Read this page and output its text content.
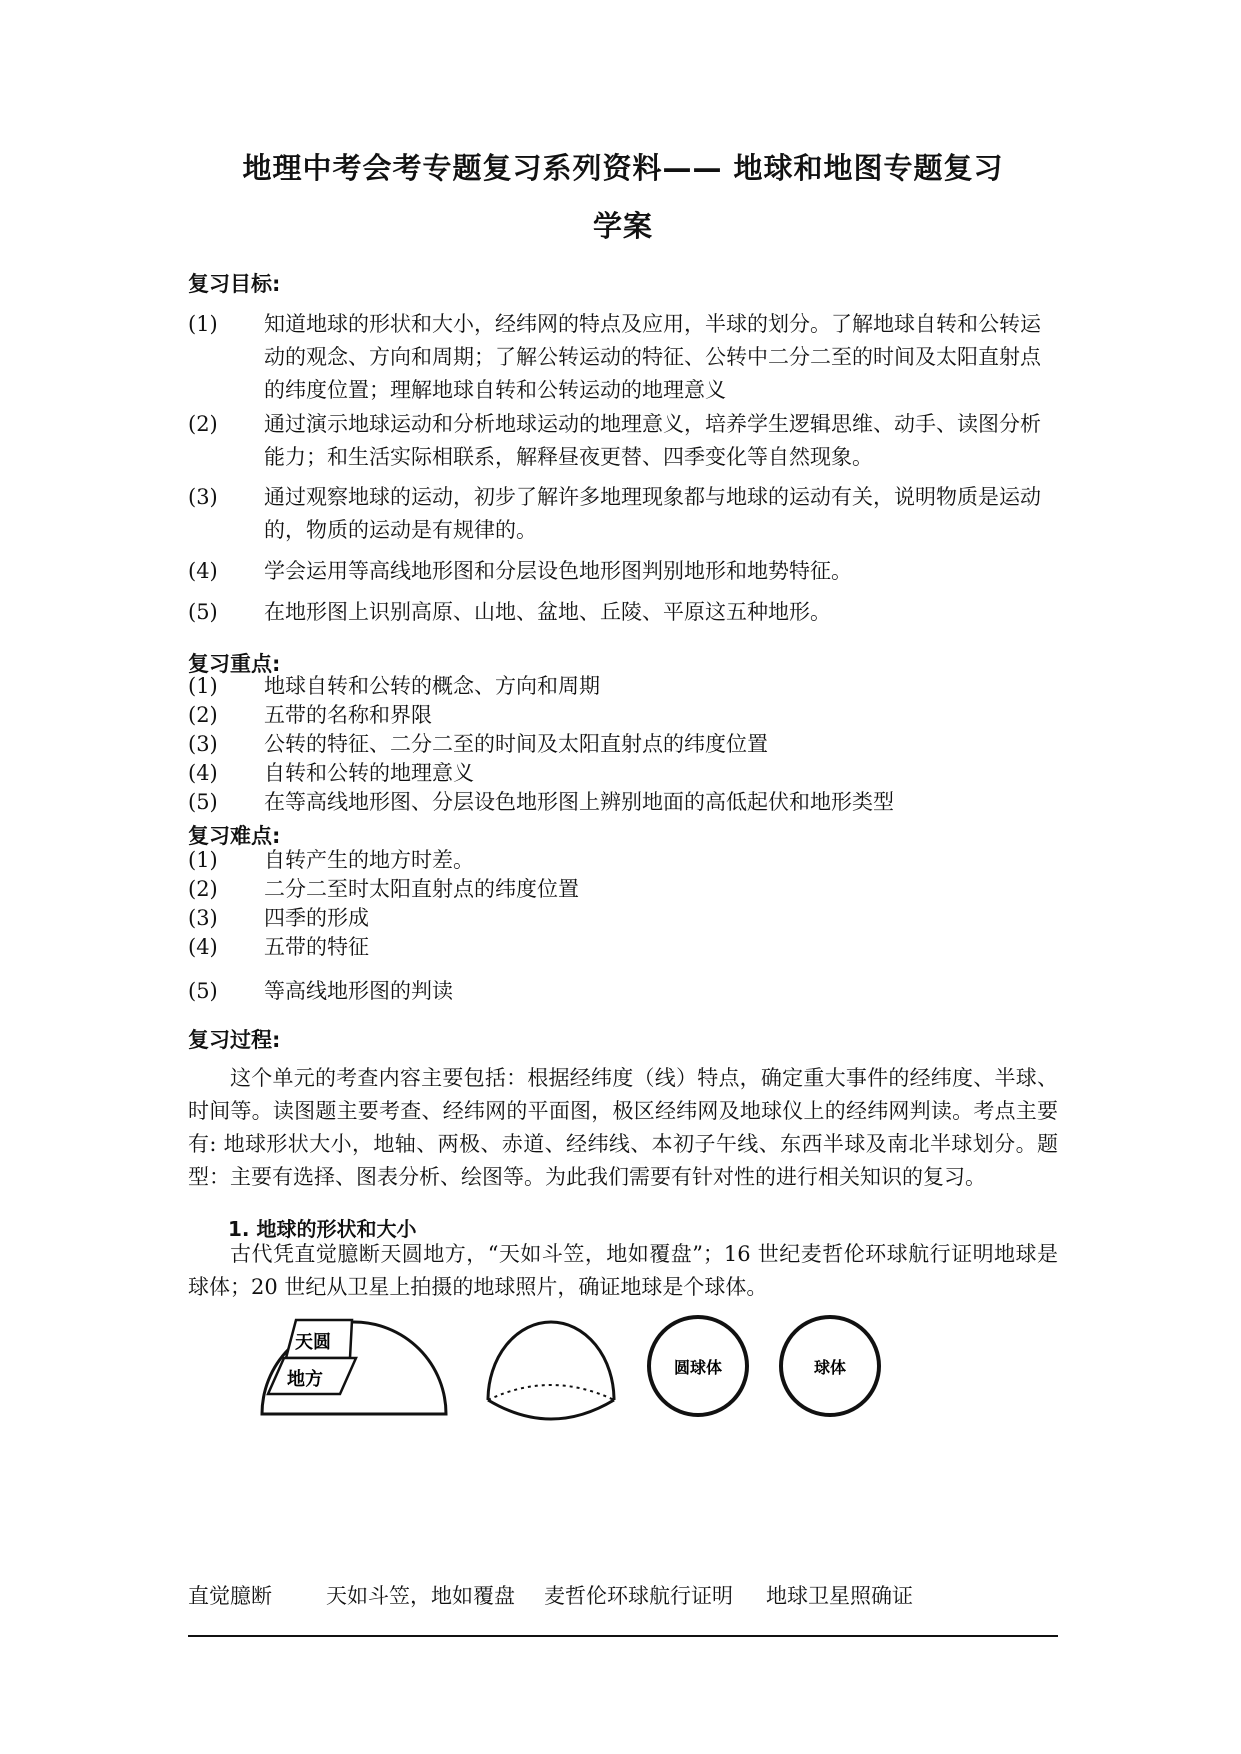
地理中考会考专题复习系列资料—— 地球和地图专题复习
学案
复习目标:
(1) 知道地球的形状和大小，经纬网的特点及应用，半球的划分。了解地球自转和公转运动的观念、方向和周期；了解公转运动的特征、公转中二分二至的时间及太阳直射点的纬度位置；理解地球自转和公转运动的地理意义
(2) 通过演示地球运动和分析地球运动的地理意义，培养学生逻辑思维、动手、读图分析能力；和生活实际相联系，解释昼夜更替、四季变化等自然现象。
(3) 通过观察地球的运动，初步了解许多地理现象都与地球的运动有关，说明物质是运动的，物质的运动是有规律的。
(4) 学会运用等高线地形图和分层设色地形图判别地形和地势特征。
(5) 在地形图上识别高原、山地、盆地、丘陵、平原这五种地形。
复习重点:
(1) 地球自转和公转的概念、方向和周期
(2) 五带的名称和界限
(3) 公转的特征、二分二至的时间及太阳直射点的纬度位置
(4) 自转和公转的地理意义
(5) 在等高线地形图、分层设色地形图上辨别地面的高低起伏和地形类型
复习难点:
(1) 自转产生的地方时差。
(2) 二分二至时太阳直射点的纬度位置
(3) 四季的形成
(4) 五带的特征
(5) 等高线地形图的判读
复习过程:
这个单元的考查内容主要包括：根据经纬度（线）特点，确定重大事件的经纬度、半球、时间等。读图题主要考查、经纬网的平面图，极区经纬网及地球仪上的经纬网判读。考点主要有: 地球形状大小，地轴、两极、赤道、经纬线、本初子午线、东西半球及南北半球划分。题型：主要有选择、图表分析、绘图等。为此我们需要有针对性的进行相关知识的复习。
1. 地球的形状和大小
古代凭直觉臆断天圆地方，“天如斗笠，地如覆盘”；16 世纪麦哲伦环球航行证明地球是球体；20 世纪从卫星上拍摄的地球照片，确证地球是个球体。
天圆
地方
圆球体	球体
直觉臆断	天如斗笠，地如覆盘 麦哲伦环球航行证明 地球卫星照确证
